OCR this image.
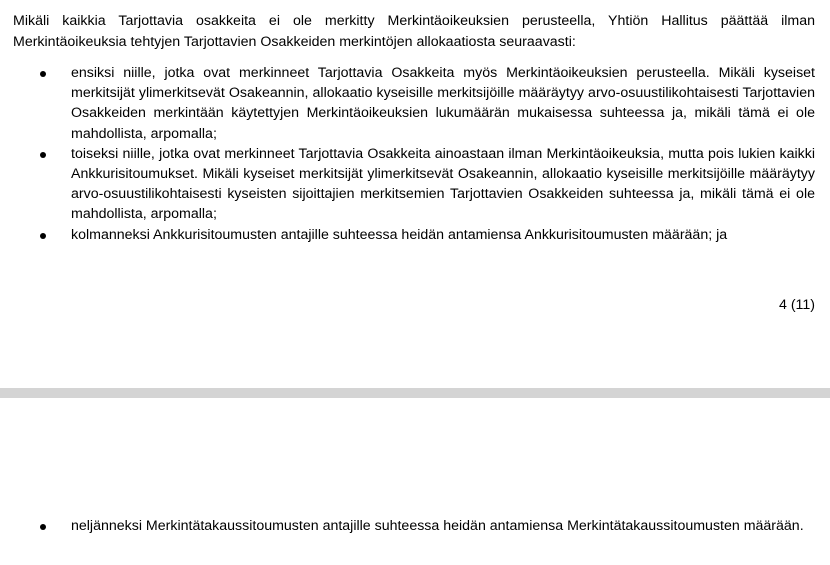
Mikäli kaikkia Tarjottavia osakkeita ei ole merkitty Merkintäoikeuksien perusteella, Yhtiön Hallitus päättää ilman Merkintäoikeuksia tehtyjen Tarjottavien Osakkeiden merkintöjen allokaatiosta seuraavasti:

ensiksi niille, jotka ovat merkinneet Tarjottavia Osakkeita myös Merkintäoikeuksien perusteella. Mikäli kyseiset merkitsijät ylimerkitsevät Osakeannin, allokaatio kyseisille merkitsijöille määräytyy arvo-osuustilikohtaisesti Tarjottavien Osakkeiden merkintään käytettyjen Merkintäoikeuksien lukumäärän mukaisessa suhteessa ja, mikäli tämä ei ole mahdollista, arpomalla;
toiseksi niille, jotka ovat merkinneet Tarjottavia Osakkeita ainoastaan ilman Merkintäoikeuksia, mutta pois lukien kaikki Ankkurisitoumukset. Mikäli kyseiset merkitsijät ylimerkitsevät Osakeannin, allokaatio kyseisille merkitsijöille määräytyy arvo-osuustilikohtaisesti kyseisten sijoittajien merkitsemien Tarjottavien Osakkeiden suhteessa ja, mikäli tämä ei ole mahdollista, arpomalla;
kolmanneksi Ankkurisitoumusten antajille suhteessa heidän antamiensa Ankkurisitoumusten määrään; ja
4 (11)
neljänneksi Merkintätakaussitoumusten antajille suhteessa heidän antamiensa Merkintätakaussitoumusten määrään.
